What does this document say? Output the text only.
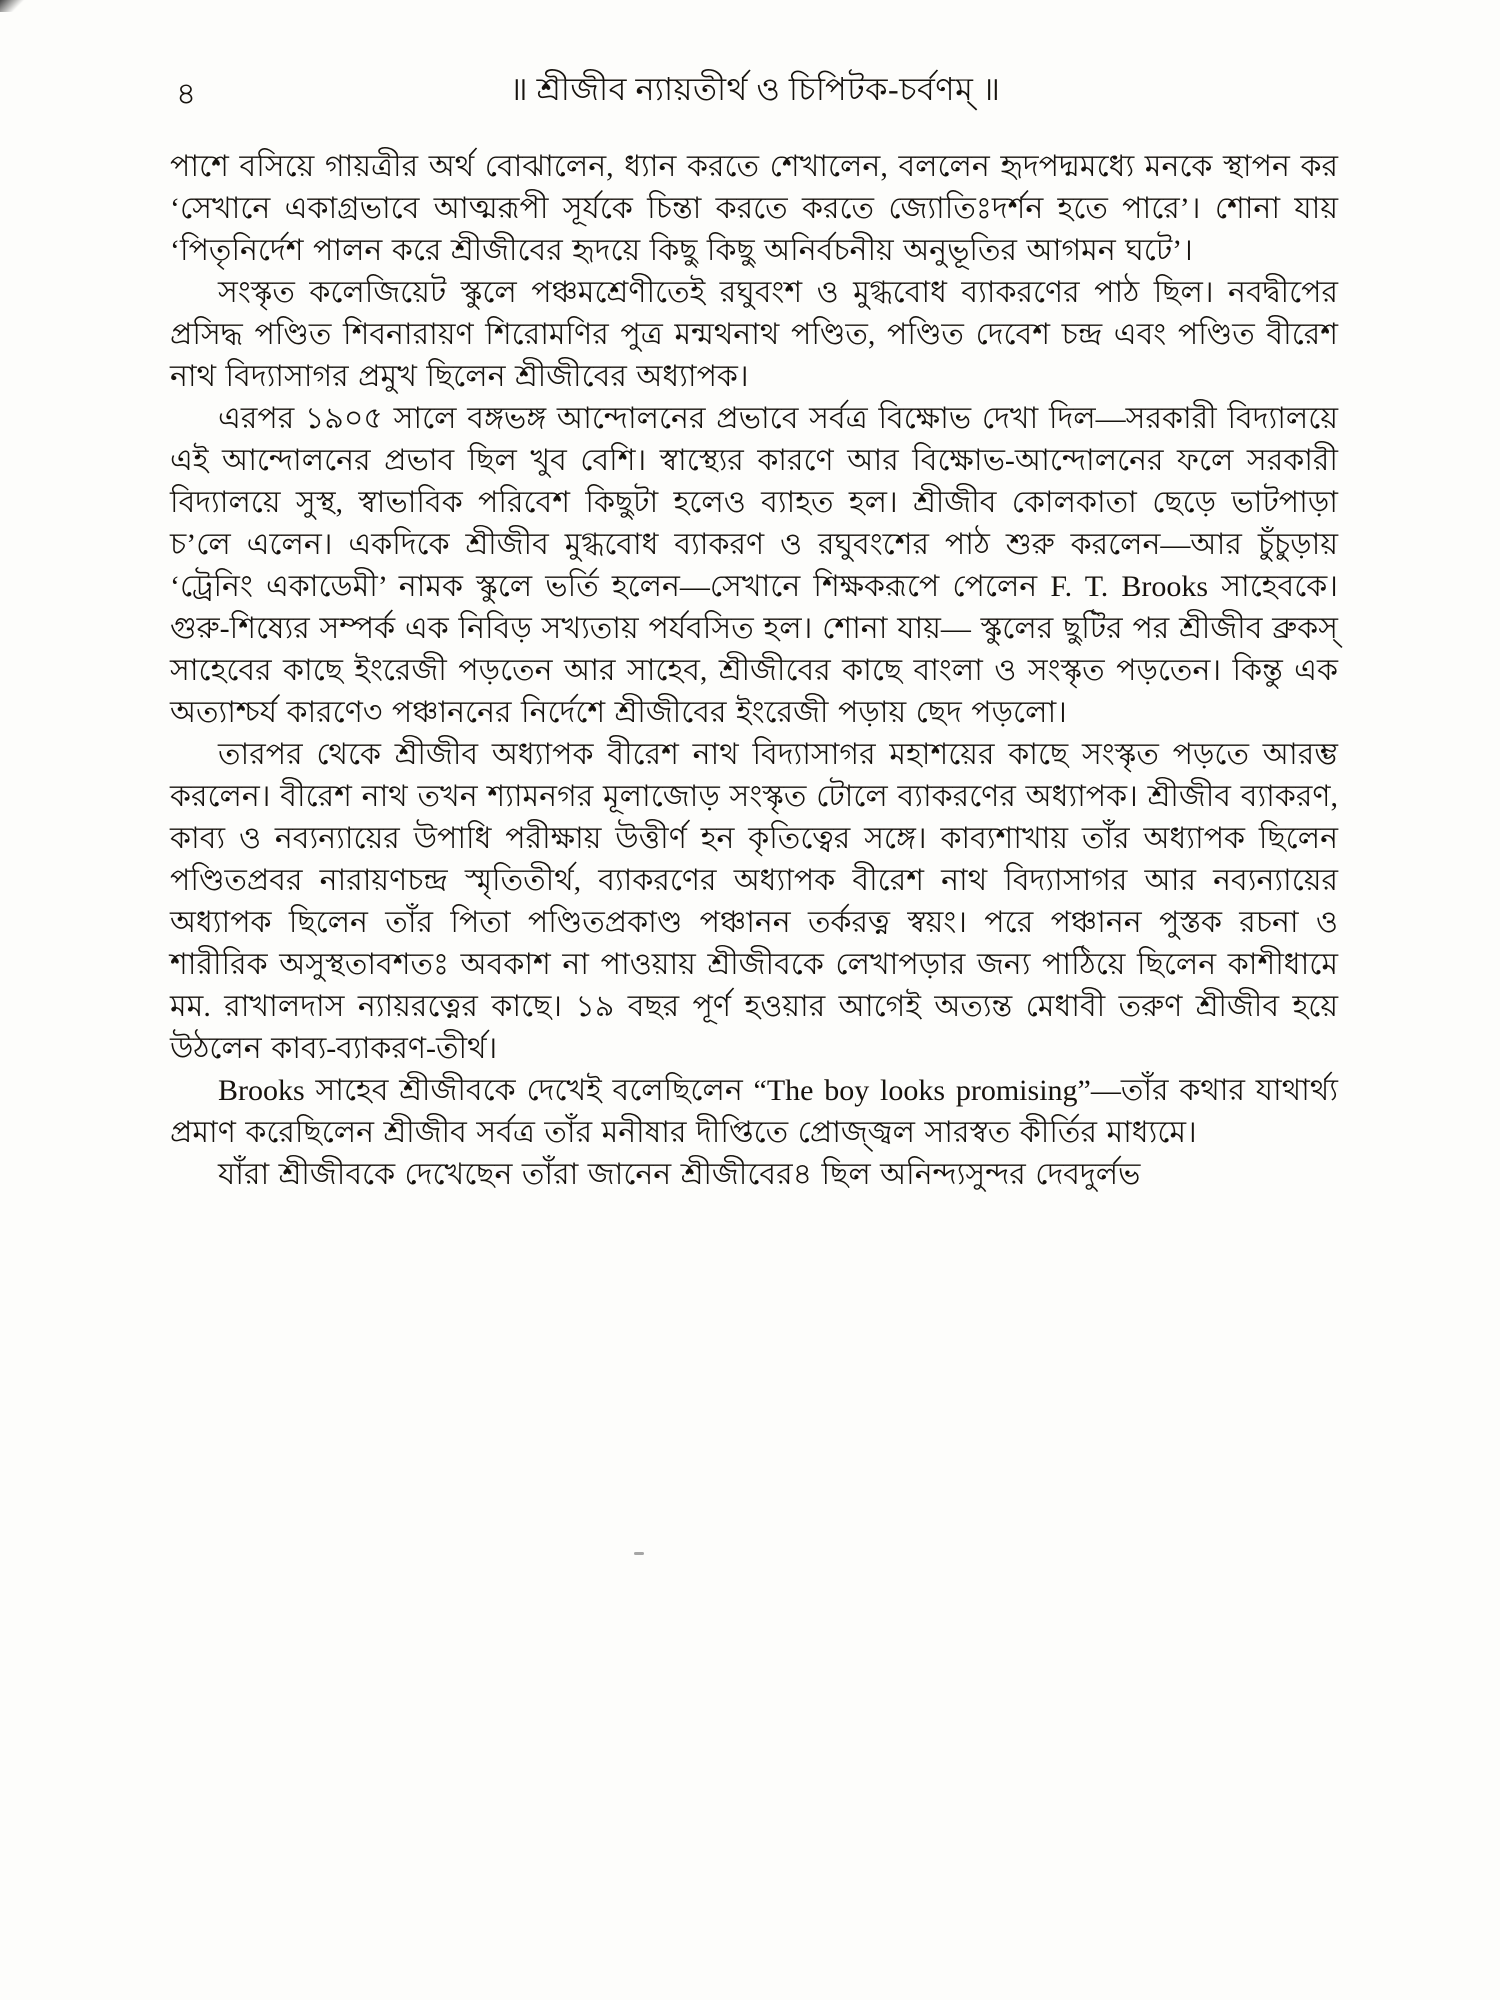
৪	॥ শ্রীজীব ন্যায়তীর্থ ও চিপিটক-চর্বণম্‌ ॥

পাশে বসিয়ে গায়ত্রীর অর্থ বোঝালেন, ধ্যান করতে শেখালেন, বললেন হৃদপদ্মমধ্যে মনকে স্থাপন কর ‘সেখানে একাগ্রভাবে আত্মরূপী সূর্যকে চিন্তা করতে করতে জ্যোতিঃদর্শন হতে পারে’। শোনা যায় ‘পিতৃনির্দেশ পালন করে শ্রীজীবের হৃদয়ে কিছু কিছু অনির্বচনীয় অনুভূতির আগমন ঘটে’।

সংস্কৃত কলেজিয়েট স্কুলে পঞ্চমশ্রেণীতেই রঘুবংশ ও মুগ্ধবোধ ব্যাকরণের পাঠ ছিল। নবদ্বীপের প্রসিদ্ধ পণ্ডিত শিবনারায়ণ শিরোমণির পুত্র মন্মথনাথ পণ্ডিত, পণ্ডিত দেবেশ চন্দ্র এবং পণ্ডিত বীরেশ নাথ বিদ্যাসাগর প্রমুখ ছিলেন শ্রীজীবের অধ্যাপক।

এরপর ১৯০৫ সালে বঙ্গভঙ্গ আন্দোলনের প্রভাবে সর্বত্র বিক্ষোভ দেখা দিল—সরকারী বিদ্যালয়ে এই আন্দোলনের প্রভাব ছিল খুব বেশি। স্বাস্থ্যের কারণে আর বিক্ষোভ-আন্দোলনের ফলে সরকারী বিদ্যালয়ে সুস্থ, স্বাভাবিক পরিবেশ কিছুটা হলেও ব্যাহত হল। শ্রীজীব কোলকাতা ছেড়ে ভাটপাড়া চ’লে এলেন। একদিকে শ্রীজীব মুগ্ধবোধ ব্যাকরণ ও রঘুবংশের পাঠ শুরু করলেন—আর চুঁচুড়ায় ‘ট্রেনিং একাডেমী’ নামক স্কুলে ভর্তি হলেন—সেখানে শিক্ষকরূপে পেলেন F. T. Brooks সাহেবকে। গুরু-শিষ্যের সম্পর্ক এক নিবিড় সখ্যতায় পর্যবসিত হল। শোনা যায়— স্কুলের ছুটির পর শ্রীজীব ব্রুকস্‌ সাহেবের কাছে ইংরেজী পড়তেন আর সাহেব, শ্রীজীবের কাছে বাংলা ও সংস্কৃত পড়তেন। কিন্তু এক অত্যাশ্চর্য কারণে৩ পঞ্চাননের নির্দেশে শ্রীজীবের ইংরেজী পড়ায় ছেদ পড়লো।

তারপর থেকে শ্রীজীব অধ্যাপক বীরেশ নাথ বিদ্যাসাগর মহাশয়ের কাছে সংস্কৃত পড়তে আরম্ভ করলেন। বীরেশ নাথ তখন শ্যামনগর মূলাজোড় সংস্কৃত টোলে ব্যাকরণের অধ্যাপক। শ্রীজীব ব্যাকরণ, কাব্য ও নব্যন্যায়ের উপাধি পরীক্ষায় উত্তীর্ণ হন কৃতিত্বের সঙ্গে। কাব্যশাখায় তাঁর অধ্যাপক ছিলেন পণ্ডিতপ্রবর নারায়ণচন্দ্র স্মৃতিতীর্থ, ব্যাকরণের অধ্যাপক বীরেশ নাথ বিদ্যাসাগর আর নব্যন্যায়ের অধ্যাপক ছিলেন তাঁর পিতা পণ্ডিতপ্রকাণ্ড পঞ্চানন তর্করত্ন স্বয়ং। পরে পঞ্চানন পুস্তক রচনা ও শারীরিক অসুস্থতাবশতঃ অবকাশ না পাওয়ায় শ্রীজীবকে লেখাপড়ার জন্য পাঠিয়ে ছিলেন কাশীধামে মম. রাখালদাস ন্যায়রত্নের কাছে। ১৯ বছর পূর্ণ হওয়ার আগেই অত্যন্ত মেধাবী তরুণ শ্রীজীব হয়ে উঠলেন কাব্য-ব্যাকরণ-তীর্থ।

Brooks সাহেব শ্রীজীবকে দেখেই বলেছিলেন “The boy looks promising”—তাঁর কথার যাথার্থ্য প্রমাণ করেছিলেন শ্রীজীব সর্বত্র তাঁর মনীষার দীপ্তিতে প্রোজ্জ্বল সারস্বত কীর্তির মাধ্যমে।

যাঁরা শ্রীজীবকে দেখেছেন তাঁরা জানেন শ্রীজীবের৪ ছিল অনিন্দ্যসুন্দর দেবদুর্লভ
